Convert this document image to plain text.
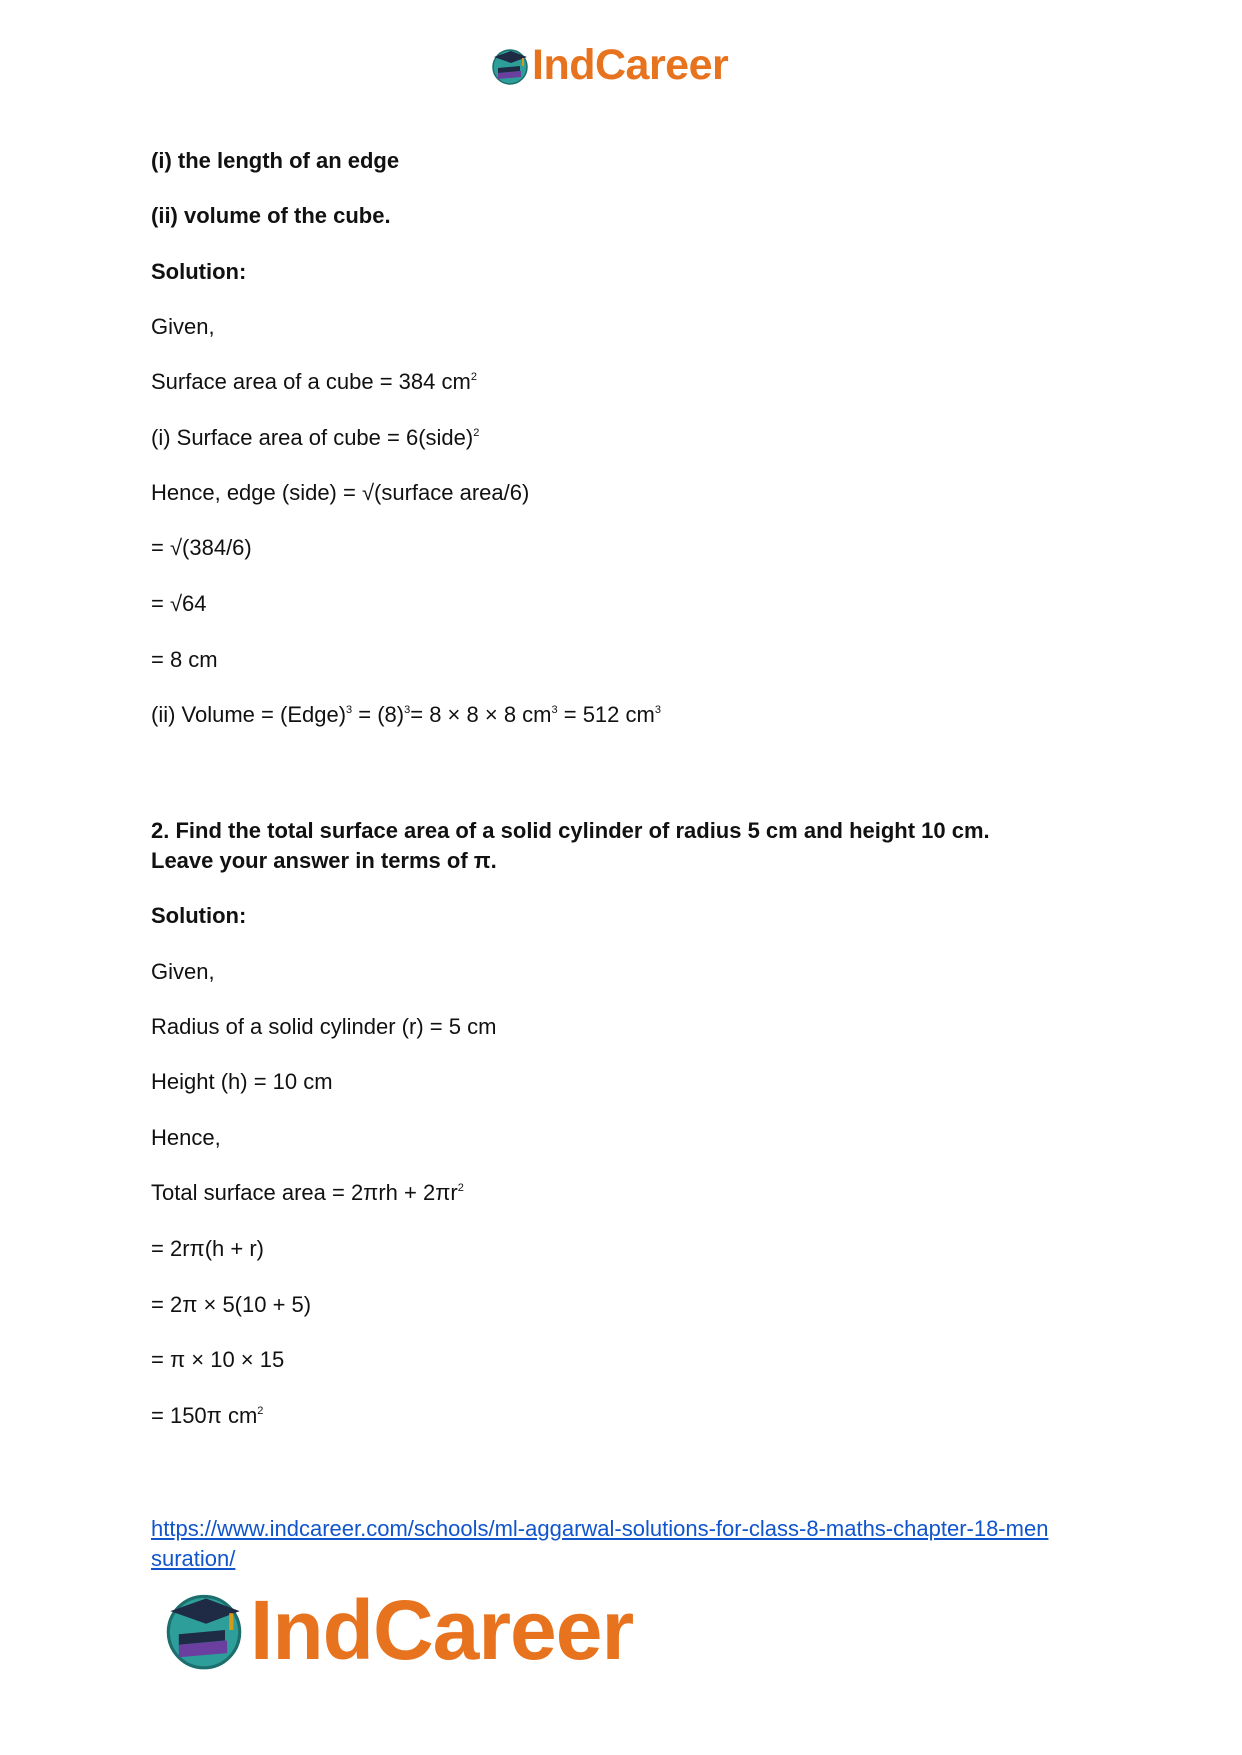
IndCareer
(i) the length of an edge
(ii) volume of the cube.
Solution:
Given,
Surface area of a cube = 384 $cm^2$
(i) Surface area of cube = 6(side)$^2$
Hence, edge (side) = √(surface area/6)
= √(384/6)
= √64
= 8 cm
(ii) Volume = (Edge)$^3$ = $(8)^3= 8 \times 8 \times 8$ $cm^3 = 512$ $cm^3$
2. Find the total surface area of a solid cylinder of radius 5 cm and height 10 cm.
Leave your answer in terms of π.
Solution:
Given,
Radius of a solid cylinder (r) = 5 cm
Height (h) = 10 cm
Hence,
Total surface area = $2\pi rh + 2\pi r^2$
= 2rπ(h + r)
= 2π × 5(10 + 5)
= π × 10 × 15
= 150π $cm^2$
https://www.indcareer.com/schools/ml-aggarwal-solutions-for-class-8-maths-chapter-18-men
suration/
IndCareer
